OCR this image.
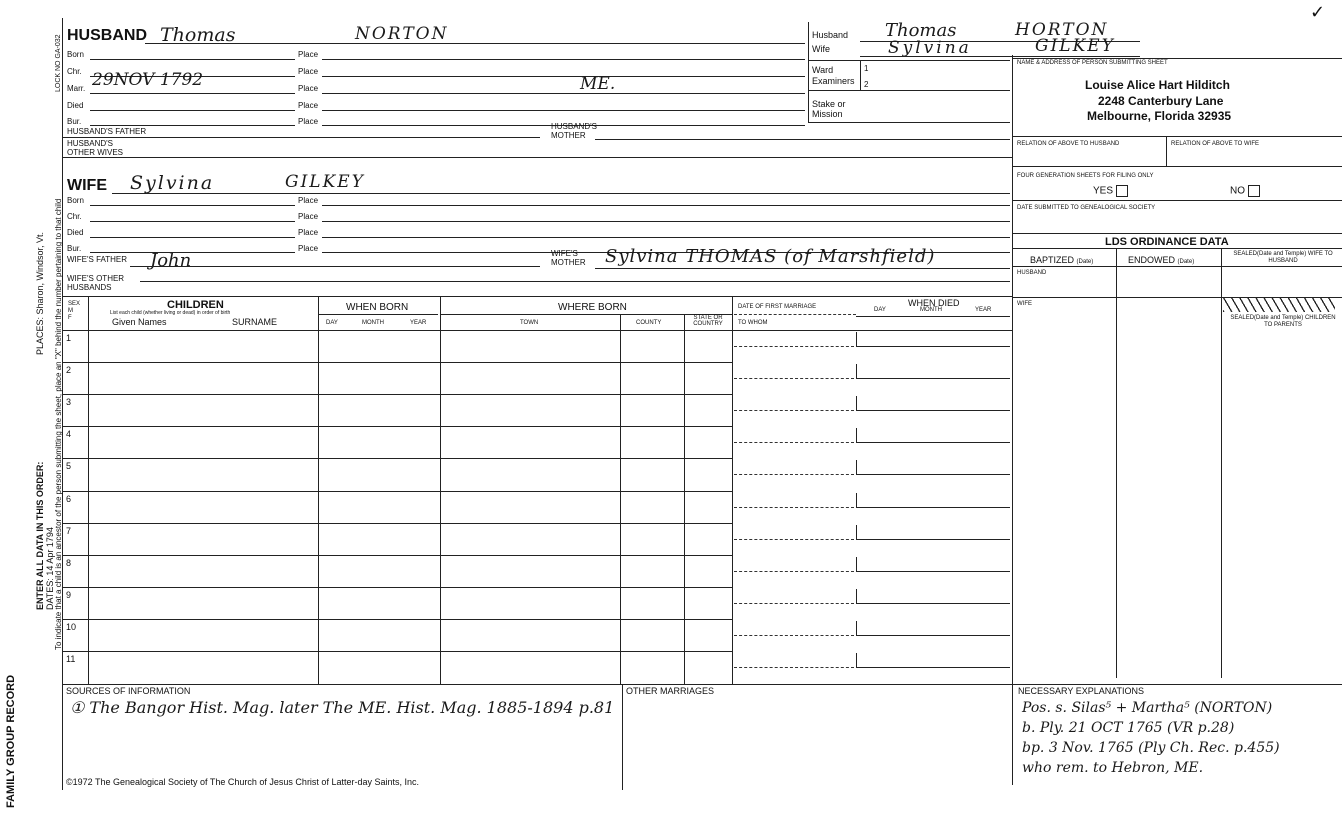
FAMILY GROUP RECORD
ENTER ALL DATA IN THIS ORDER:
PLACES: Sharon, Windsor, Vt.
DATES: 14 Apr 1794 To indicate that a child is an ancestor of the person submitting the sheet, place an "X" behind the number pertaining to that child
LOCK NO GA-032 HUSBAND Thomas	NORTON
Born	Place
Chr.	Place
Marr. 29NOV 1792	Place	ME.
Died	Place
Bur.	Place
HUSBAND'S FATHER
HUSBAND'S MOTHER
HUSBAND'S OTHER WIVES
Husband Thomas	HORTON
Wife	Sylvina	GILKEY
Ward
Examiners
1
2
Stake or Mission
NAME & ADDRESS OF PERSON SUBMITTING SHEET
Louise Alice Hart Hilditch
2248 Canterbury Lane
Melbourne, Florida 32935
RELATION OF ABOVE TO HUSBAND	RELATION OF ABOVE TO WIFE
FOUR GENERATION SHEETS FOR FILING ONLY
YES	NO
DATE SUBMITTED TO GENEALOGICAL SOCIETY
LDS ORDINANCE DATA
BAPTIZED (Date)	ENDOWED (Date)
SEALED(Date and Temple) WIFE TO HUSBAND
HUSBAND
WIFE
SEALED(Date and Temple) CHILDREN TO PARENTS
WIFE Sylvina	GILKEY
Born	Place
Chr.	Place
Died	Place
Bur.	Place
WIFE'S FATHER John	WIFE'S MOTHER	Sylvina THOMAS (of Marshfield)
WIFE'S OTHER HUSBANDS
SEX
M
F
CHILDREN
List each child (whether living or dead) in order of birth
Given Names	SURNAME
WHEN BORN
DAY	MONTH	YEAR
WHERE BORN
TOWN	COUNTY
STATE OR COUNTRY
DATE OF FIRST MARRIAGE
TO WHOM
WHEN DIED
DAY	MONTH	YEAR
1
2
3
4
5
6
7
8
9
10
11
SOURCES OF INFORMATION
① The Bangor Hist. Mag. later The ME. Hist. Mag. 1885-1894 p.81
OTHER MARRIAGES	NECESSARY EXPLANATIONS
Pos. s. Silas⁵ + Martha⁵ (NORTON)
b. Ply. 21 OCT 1765 (VR p.28)
bp. 3 Nov. 1765 (Ply Ch. Rec. p.455)
who rem. to Hebron, ME.
©1972 The Genealogical Society of The Church of Jesus Christ of Latter-day Saints, Inc.
✓
